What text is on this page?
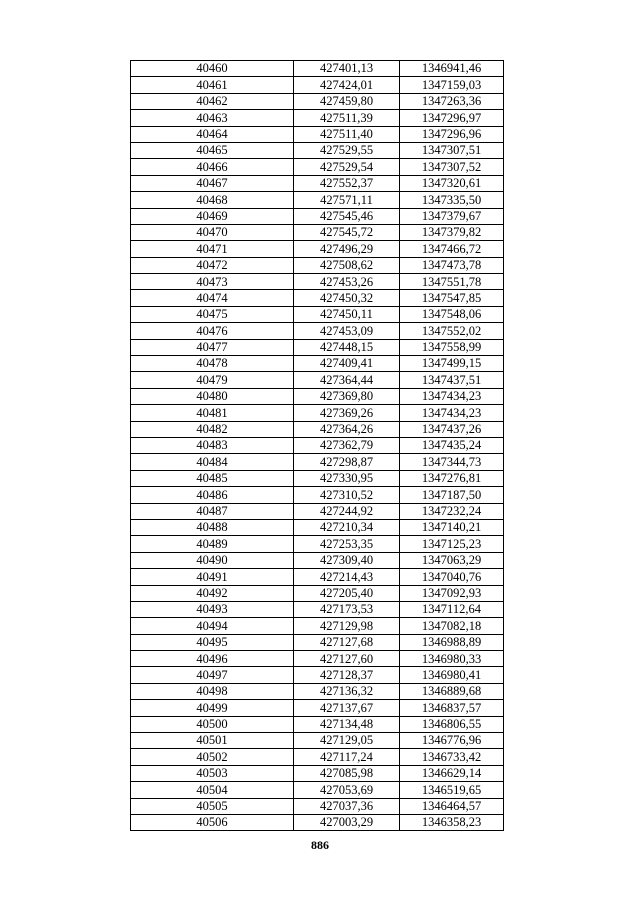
40460	427401,13	1346941,46
40461	427424,01	1347159,03
40462	427459,80	1347263,36
40463	427511,39	1347296,97
40464	427511,40	1347296,96
40465	427529,55	1347307,51
40466	427529,54	1347307,52
40467	427552,37	1347320,61
40468	427571,11	1347335,50
40469	427545,46	1347379,67
40470	427545,72	1347379,82
40471	427496,29	1347466,72
40472	427508,62	1347473,78
40473	427453,26	1347551,78
40474	427450,32	1347547,85
40475	427450,11	1347548,06
40476	427453,09	1347552,02
40477	427448,15	1347558,99
40478	427409,41	1347499,15
40479	427364,44	1347437,51
40480	427369,80	1347434,23
40481	427369,26	1347434,23
40482	427364,26	1347437,26
40483	427362,79	1347435,24
40484	427298,87	1347344,73
40485	427330,95	1347276,81
40486	427310,52	1347187,50
40487	427244,92	1347232,24
40488	427210,34	1347140,21
40489	427253,35	1347125,23
40490	427309,40	1347063,29
40491	427214,43	1347040,76
40492	427205,40	1347092,93
40493	427173,53	1347112,64
40494	427129,98	1347082,18
40495	427127,68	1346988,89
40496	427127,60	1346980,33
40497	427128,37	1346980,41
40498	427136,32	1346889,68
40499	427137,67	1346837,57
40500	427134,48	1346806,55
40501	427129,05	1346776,96
40502	427117,24	1346733,42
40503	427085,98	1346629,14
40504	427053,69	1346519,65
40505	427037,36	1346464,57
40506	427003,29	1346358,23
886
